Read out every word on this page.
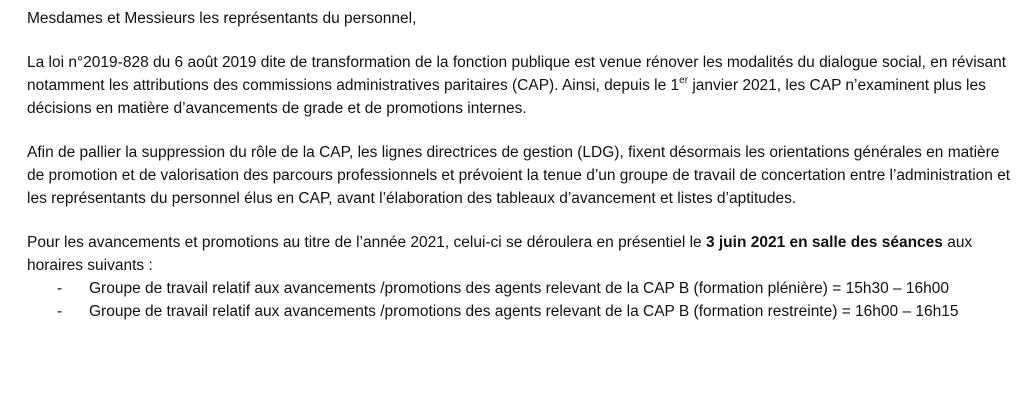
Mesdames et Messieurs les représentants du personnel,

La loi n°2019-828 du 6 août 2019 dite de transformation de la fonction publique est venue rénover les modalités du dialogue social, en révisant notamment les attributions des commissions administratives paritaires (CAP). Ainsi, depuis le 1er janvier 2021, les CAP n’examinent plus les décisions en matière d’avancements de grade et de promotions internes.

Afin de pallier la suppression du rôle de la CAP, les lignes directrices de gestion (LDG), fixent désormais les orientations générales en matière de promotion et de valorisation des parcours professionnels et prévoient la tenue d’un groupe de travail de concertation entre l’administration et les représentants du personnel élus en CAP, avant l’élaboration des tableaux d’avancement et listes d’aptitudes.

Pour les avancements et promotions au titre de l’année 2021, celui-ci se déroulera en présentiel le 3 juin 2021 en salle des séances aux horaires suivants :

- Groupe de travail relatif aux avancements /promotions des agents relevant de la CAP B (formation plénière) = 15h30 – 16h00
- Groupe de travail relatif aux avancements /promotions des agents relevant de la CAP B (formation restreinte) = 16h00 – 16h15
